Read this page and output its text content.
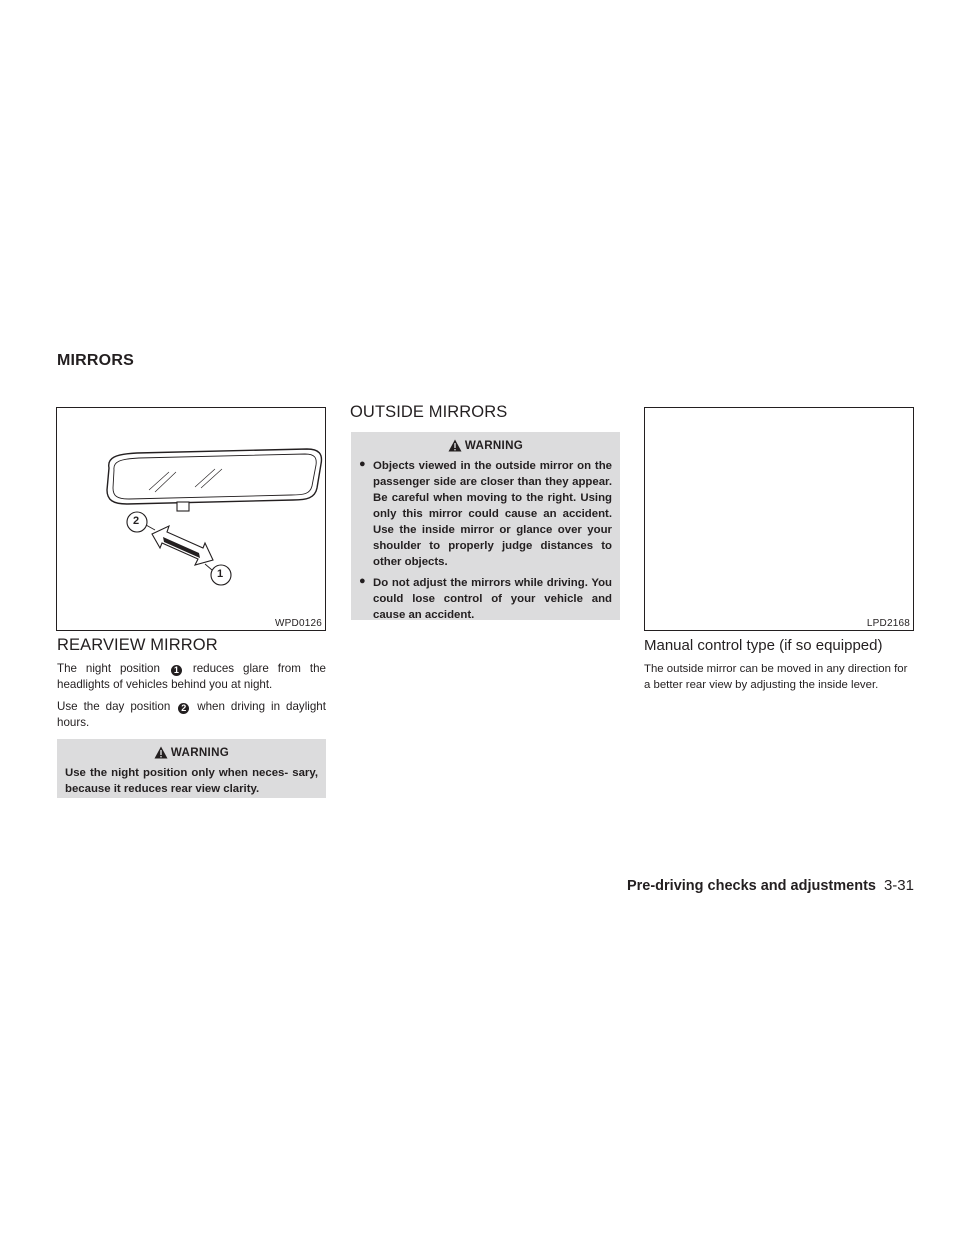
MIRRORS
2
1
WPD0126
REARVIEW MIRROR
The night position 1 reduces glare from the headlights of vehicles behind you at night.
Use the day position 2 when driving in daylight hours.
WARNING
Use the night position only when neces- sary, because it reduces rear view clarity.
OUTSIDE MIRRORS
WARNING
● Objects viewed in the outside mirror on the passenger side are closer than they appear. Be careful when moving to the right. Using only this mirror could cause an accident. Use the inside mirror or glance over your shoulder to properly judge distances to other objects.
● Do not adjust the mirrors while driving. You could lose control of your vehicle and cause an accident.
LPD2168
Manual control type (if so equipped)
The outside mirror can be moved in any direction for a better rear view by adjusting the inside lever.
Pre-driving checks and adjustments 3-31
